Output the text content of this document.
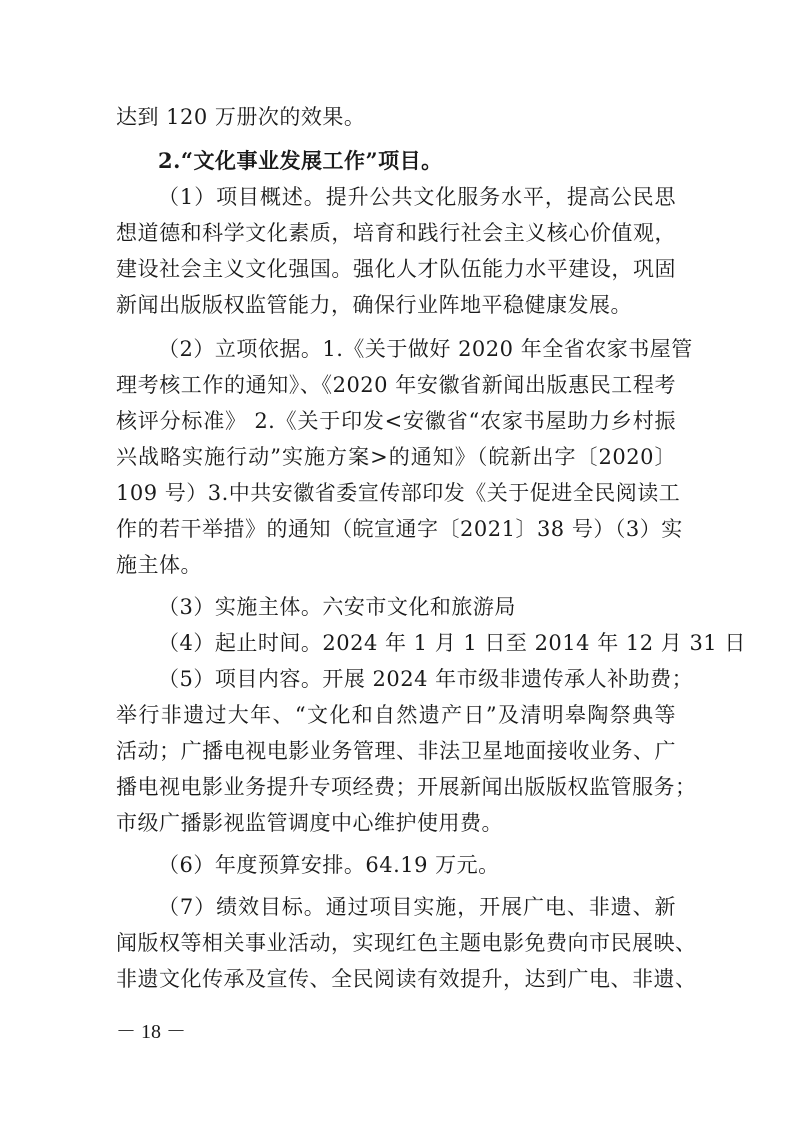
达到 120 万册次的效果。
2.“文化事业发展工作”项目。
（1）项目概述。提升公共文化服务水平，提高公民思
想道德和科学文化素质，培育和践行社会主义核心价值观，
建设社会主义文化强国。强化人才队伍能力水平建设，巩固
新闻出版版权监管能力，确保行业阵地平稳健康发展。
（2）立项依据。1.《关于做好 2020 年全省农家书屋管
理考核工作的通知》、《2020 年安徽省新闻出版惠民工程考
核评分标准》 2.《关于印发<安徽省“农家书屋助力乡村振
兴战略实施行动”实施方案>的通知》（皖新出字〔2020〕
109 号）3.中共安徽省委宣传部印发《关于促进全民阅读工
作的若干举措》的通知（皖宣通字〔2021〕38 号）（3）实
施主体。
（3）实施主体。六安市文化和旅游局
（4）起止时间。2024 年 1 月 1 日至 2014 年 12 月 31 日
（5）项目内容。开展 2024 年市级非遗传承人补助费；
举行非遗过大年、“文化和自然遗产日”及清明皋陶祭典等
活动；广播电视电影业务管理、非法卫星地面接收业务、广
播电视电影业务提升专项经费；开展新闻出版版权监管服务；
市级广播影视监管调度中心维护使用费。
（6）年度预算安排。64.19 万元。
（7）绩效目标。通过项目实施，开展广电、非遗、新
闻版权等相关事业活动，实现红色主题电影免费向市民展映、
非遗文化传承及宣传、全民阅读有效提升，达到广电、非遗、
－ 18 －
